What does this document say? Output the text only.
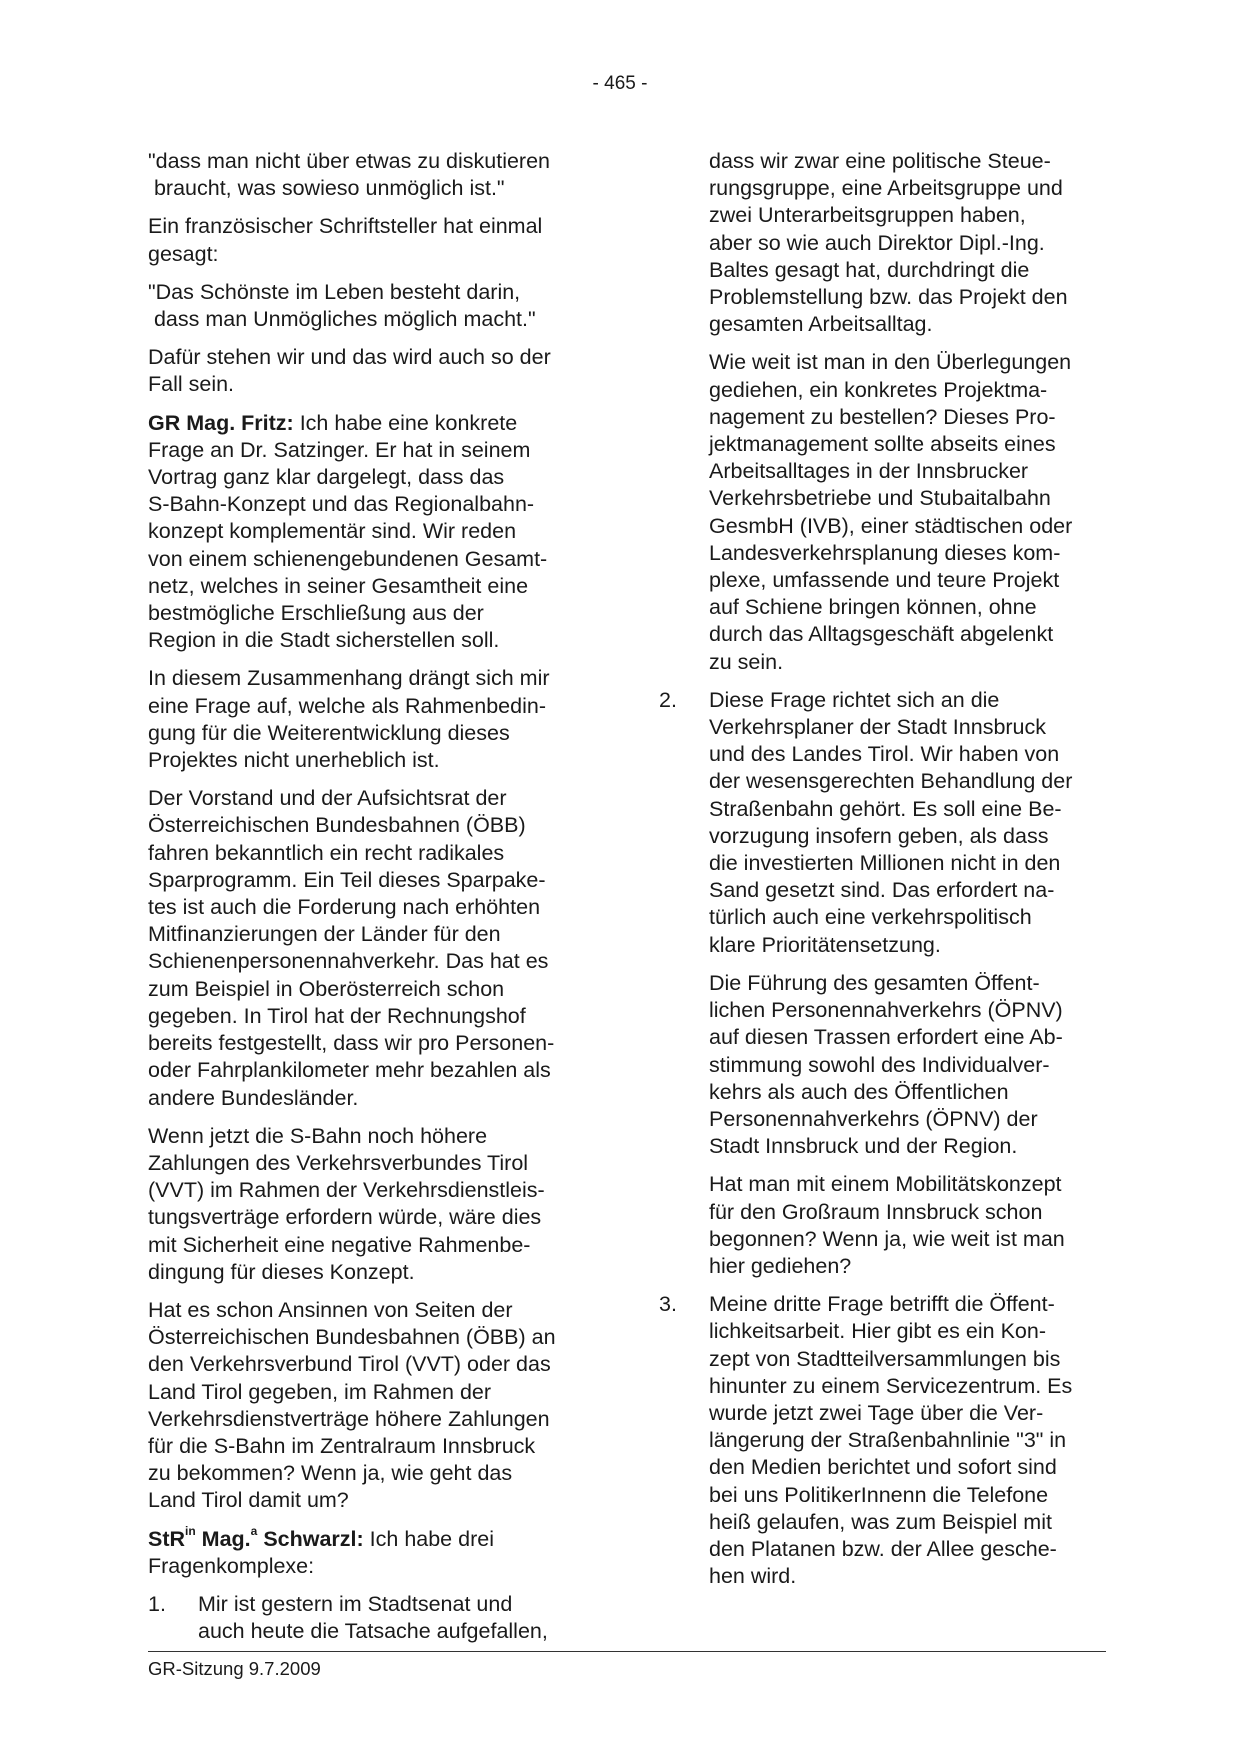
- 465 -

"dass man nicht über etwas zu diskutieren
braucht, was sowieso unmöglich ist."

Ein französischer Schriftsteller hat einmal
gesagt:

"Das Schönste im Leben besteht darin,
dass man Unmögliches möglich macht."

Dafür stehen wir und das wird auch so der
Fall sein.

GR Mag. Fritz: Ich habe eine konkrete
Frage an Dr. Satzinger. Er hat in seinem
Vortrag ganz klar dargelegt, dass das
S-Bahn-Konzept und das Regionalbahn-
konzept komplementär sind. Wir reden
von einem schienengebundenen Gesamt-
netz, welches in seiner Gesamtheit eine
bestmögliche Erschließung aus der
Region in die Stadt sicherstellen soll.

In diesem Zusammenhang drängt sich mir
eine Frage auf, welche als Rahmenbedin-
gung für die Weiterentwicklung dieses
Projektes nicht unerheblich ist.

Der Vorstand und der Aufsichtsrat der
Österreichischen Bundesbahnen (ÖBB)
fahren bekanntlich ein recht radikales
Sparprogramm. Ein Teil dieses Sparpake-
tes ist auch die Forderung nach erhöhten
Mitfinanzierungen der Länder für den
Schienenpersonennahverkehr. Das hat es
zum Beispiel in Oberösterreich schon
gegeben. In Tirol hat der Rechnungshof
bereits festgestellt, dass wir pro Personen-
oder Fahrplankilometer mehr bezahlen als
andere Bundesländer.

Wenn jetzt die S-Bahn noch höhere
Zahlungen des Verkehrsverbundes Tirol
(VVT) im Rahmen der Verkehrsdienstleis-
tungsverträge erfordern würde, wäre dies
mit Sicherheit eine negative Rahmenbe-
dingung für dieses Konzept.

Hat es schon Ansinnen von Seiten der
Österreichischen Bundesbahnen (ÖBB) an
den Verkehrsverbund Tirol (VVT) oder das
Land Tirol gegeben, im Rahmen der
Verkehrsdienstverträge höhere Zahlungen
für die S-Bahn im Zentralraum Innsbruck
zu bekommen? Wenn ja, wie geht das
Land Tirol damit um?

StR$^{in}$ Mag.$^a$ Schwarzl: Ich habe drei
Fragenkomplexe:

1. Mir ist gestern im Stadtsenat und
auch heute die Tatsache aufgefallen,

dass wir zwar eine politische Steue-
rungsgruppe, eine Arbeitsgruppe und
zwei Unterarbeitsgruppen haben,
aber so wie auch Direktor Dipl.-Ing.
Baltes gesagt hat, durchdringt die
Problemstellung bzw. das Projekt den
gesamten Arbeitsalltag.

Wie weit ist man in den Überlegungen
gediehen, ein konkretes Projektma-
nagement zu bestellen? Dieses Pro-
jektmanagement sollte abseits eines
Arbeitsalltages in der Innsbrucker
Verkehrsbetriebe und Stubaitalbahn
GesmbH (IVB), einer städtischen oder
Landesverkehrsplanung dieses kom-
plexe, umfassende und teure Projekt
auf Schiene bringen können, ohne
durch das Alltagsgeschäft abgelenkt
zu sein.

2. Diese Frage richtet sich an die
Verkehrsplaner der Stadt Innsbruck
und des Landes Tirol. Wir haben von
der wesensgerechten Behandlung der
Straßenbahn gehört. Es soll eine Be-
vorzugung insofern geben, als dass
die investierten Millionen nicht in den
Sand gesetzt sind. Das erfordert na-
türlich auch eine verkehrspolitisch
klare Prioritätensetzung.

Die Führung des gesamten Öffent-
lichen Personennahverkehrs (ÖPNV)
auf diesen Trassen erfordert eine Ab-
stimmung sowohl des Individualver-
kehrs als auch des Öffentlichen
Personennahverkehrs (ÖPNV) der
Stadt Innsbruck und der Region.

Hat man mit einem Mobilitätskonzept
für den Großraum Innsbruck schon
begonnen? Wenn ja, wie weit ist man
hier gediehen?

3. Meine dritte Frage betrifft die Öffent-
lichkeitsarbeit. Hier gibt es ein Kon-
zept von Stadtteilversammlungen bis
hinunter zu einem Servicezentrum. Es
wurde jetzt zwei Tage über die Ver-
längerung der Straßenbahnlinie "3" in
den Medien berichtet und sofort sind
bei uns PolitikerInnenn die Telefone
heiß gelaufen, was zum Beispiel mit
den Platanen bzw. der Allee gesche-
hen wird.

GR-Sitzung 9.7.2009
